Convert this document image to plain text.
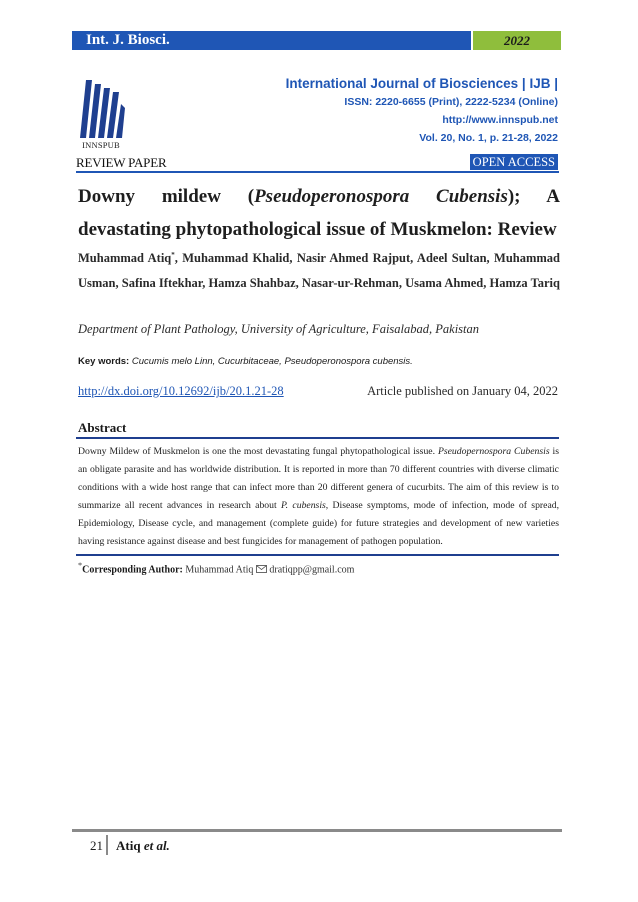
Int. J. Biosci.	2022
INNSPUB
International Journal of Biosciences | IJB |
ISSN: 2220-6655 (Print), 2222-5234 (Online)
http://www.innspub.net
Vol. 20, No. 1, p. 21-28, 2022
REVIEW PAPER	OPEN ACCESS
Downy mildew (Pseudoperonospora Cubensis); A devastating phytopathological issue of Muskmelon: Review
Muhammad Atiq*, Muhammad Khalid, Nasir Ahmed Rajput, Adeel Sultan, Muhammad Usman, Safina Iftekhar, Hamza Shahbaz, Nasar-ur-Rehman, Usama Ahmed, Hamza Tariq
Department of Plant Pathology, University of Agriculture, Faisalabad, Pakistan
Key words: Cucumis melo Linn, Cucurbitaceae, Pseudoperonospora cubensis.
http://dx.doi.org/10.12692/ijb/20.1.21-28	Article published on January 04, 2022
Abstract
Downy Mildew of Muskmelon is one the most devastating fungal phytopathological issue. Pseudopernospora Cubensis is an obligate parasite and has worldwide distribution. It is reported in more than 70 different countries with diverse climatic conditions with a wide host range that can infect more than 20 different genera of cucurbits. The aim of this review is to summarize all recent advances in research about P. cubensis, Disease symptoms, mode of infection, mode of spread, Epidemiology, Disease cycle, and management (complete guide) for future strategies and development of new varieties having resistance against disease and best fungicides for management of pathogen population.
*Corresponding Author: Muhammad Atiq dratiqpp@gmail.com
21 Atiq et al.
